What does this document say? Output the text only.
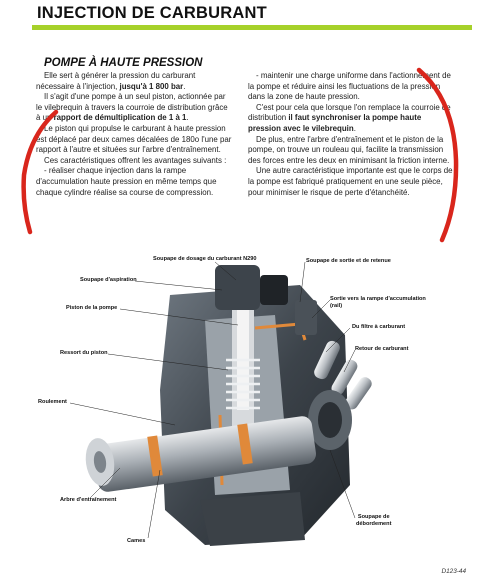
INJECTION DE CARBURANT
POMPE À HAUTE PRESSION

Elle sert à générer la pression du carburant nécessaire à l'injection, jusqu'à 1 800 bar.

Il s'agit d'une pompe à un seul piston, actionnée par le vilebrequin à travers la courroie de distribution grâce à un rapport de démultiplication de 1 à 1.

Le piston qui propulse le carburant à haute pression est déplacé par deux cames décalées de 180o l'une par rapport à l'autre et situées sur l'arbre d'entraînement.

Ces caractéristiques offrent les avantages suivants :

- réaliser chaque injection dans la rampe d'accumulation haute pression en même temps que chaque cylindre réalise sa course de compression.

- maintenir une charge uniforme dans l'actionnement de la pompe et réduire ainsi les fluctuations de la pression dans la zone de haute pression.

C'est pour cela que lorsque l'on remplace la courroie de distribution il faut synchroniser la pompe haute pression avec le vilebrequin.

De plus, entre l'arbre d'entraînement et le piston de la pompe, on trouve un rouleau qui, facilite la transmission des forces entre les deux en minimisant la friction interne.

Une autre caractéristique importante est que le corps de la pompe est fabriqué pratiquement en une seule pièce, pour minimiser le risque de perte d'étanchéité.

Soupape de dosage du carburant N290	Soupape de sortie et de retenue
Soupape d'aspiration
Sortie vers la rampe d'accumulation
(rail)
Piston de la pompe
Du filtre à carburant
Ressort du piston
Retour de carburant
Roulement
Arbre d'entraînement
Soupape de
débordement
Cames
D123-44
